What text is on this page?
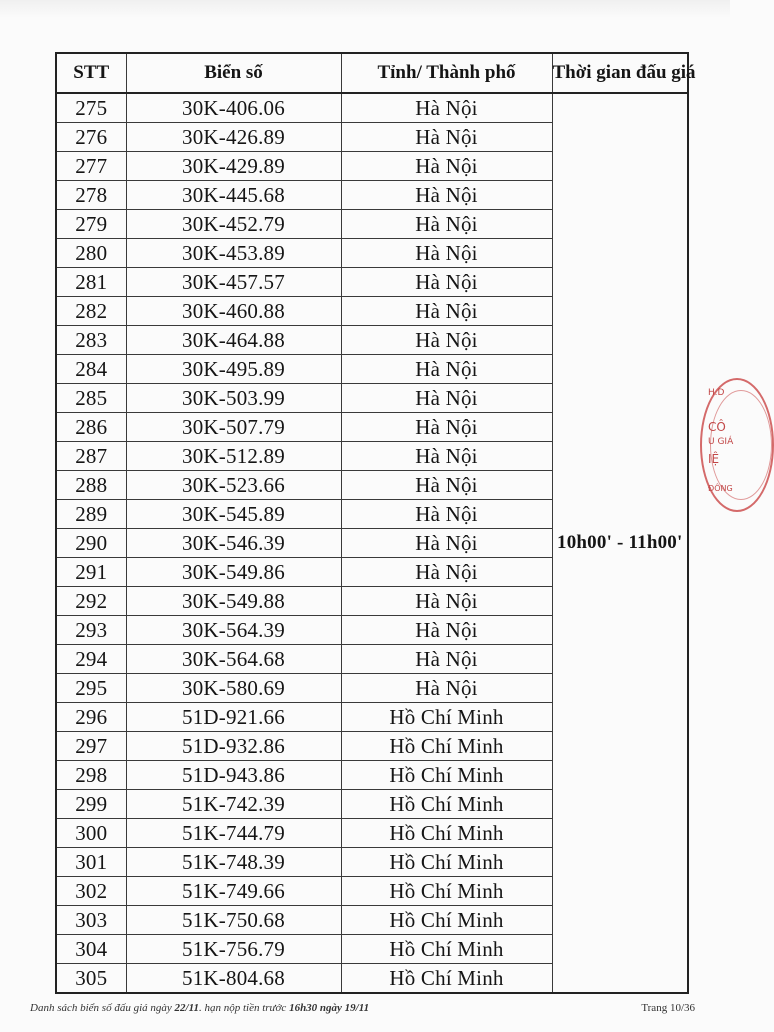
STT	Biển số	Tỉnh/ Thành phố	Thời gian đấu giá
275	30K-406.06	Hà Nội	10h00' - 11h00'
276	30K-426.89	Hà Nội	
277	30K-429.89	Hà Nội	
278	30K-445.68	Hà Nội	
279	30K-452.79	Hà Nội	
280	30K-453.89	Hà Nội	
281	30K-457.57	Hà Nội	
282	30K-460.88	Hà Nội	
283	30K-464.88	Hà Nội	
284	30K-495.89	Hà Nội	
285	30K-503.99	Hà Nội	
286	30K-507.79	Hà Nội	
287	30K-512.89	Hà Nội	
288	30K-523.66	Hà Nội	
289	30K-545.89	Hà Nội	
290	30K-546.39	Hà Nội	
291	30K-549.86	Hà Nội	
292	30K-549.88	Hà Nội	
293	30K-564.39	Hà Nội	
294	30K-564.68	Hà Nội	
295	30K-580.69	Hà Nội	
296	51D-921.66	Hồ Chí Minh	
297	51D-932.86	Hồ Chí Minh	
298	51D-943.86	Hồ Chí Minh	
299	51K-742.39	Hồ Chí Minh	
300	51K-744.79	Hồ Chí Minh	
301	51K-748.39	Hồ Chí Minh	
302	51K-749.66	Hồ Chí Minh	
303	51K-750.68	Hồ Chí Minh	
304	51K-756.79	Hồ Chí Minh	
305	51K-804.68	Hồ Chí Minh	
Danh sách biển số đấu giá ngày 22/11. hạn nộp tiền trước 16h30 ngày 19/11	Trang 10/36
H.D
CÔ
U GIÁ
IỆ
ĐÔNG
